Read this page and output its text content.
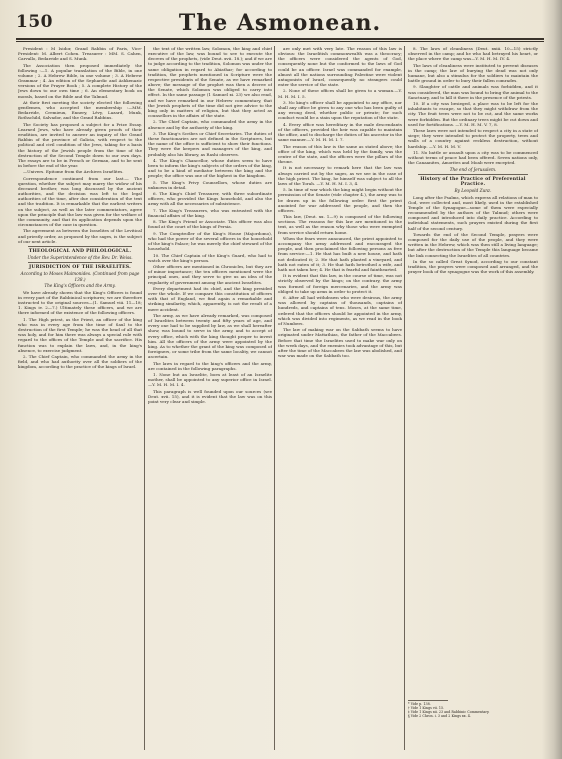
150	The Asmonean.

President : M Isidor, Grand Rabbin of Paris, Vice-President: M. Albert Cohen. Treasurer : MM. S. Cahen, Carvallo, Bedarride and S. Munk.

The Association then proposed immediately the following :—1. A popular translation of the Bible, in one volume ; 2. A Hebrew Bible, in one volume ; 3. A Hebrew Grammar ; 4. An edition of the Sephardic and Ashkenazic versions of the Prayer Book ; 5. A complete History of the Jews down to our own time ; 6. An elementary book on morals, based on the Bible and the Talmud.

At their first meeting the society elected the following gentlemen, who accepted the membership :—MM. Bedarride, Cremieux, Ennery, Lévy, Lazard, Munk, Rothschild, Salvador, and the Grand Rabbins.

The Society has proposed a subject for a Prize Essay. Learned Jews, who have already given proofs of their erudition, are invited to answer an inquiry of the Grand Rabbin of the province of Galicia, with respect to the political and civil condition of the Jews, taking for a basis the history of the Jewish people from the time of the destruction of the Second Temple down to our own days. The essays are to be in French or German, and to be sent in before the end of the year.

—Univers. Epitome from the Archives Israélites.

Correspondence continued from our last.— The question, whether the subject may marry the widow of his deceased brother, was long discussed by the ancient authorities, and the decision was left to the legal authorities of the time, after due consideration of the text and the tradition. It is remarkable that the earliest writers on the subject, as well as the later commentators, agree upon the principle that the law was given for the welfare of the community, and that its application depends upon the circumstances of the case in question.

The agreement as between the Israelites of the Levitical and priestly order, as proposed by the sages, is the subject of our next article.

THEOLOGICAL AND PHILOLOGICAL.
Under the Superintendence of the Rev. Dr. Weiss.
JURISDICTION OF THE ISRAELITES.
According to Moses Maimonides. (Continued from page 138.)
The King's Officers and the Army.

We have already shown that the King's Officers is found in every part of the Rabbinical scriptures; we are therefore instructed to the original sources—(1. Samuel viii. 11—18; 1. Kings iv. 2—7.) Ultimately these officers, and we are there informed of the existence of the following officers.

1. The High priest, as the Priest, an officer of the king who was in every age from the time of Saul to the destruction of the first Temple; he was the head of all that was holy, and for him there was always a special rule with regard to the offices of the Temple and the sacrifice. His function was to explain the laws, and, in the king's absence, to exercise judgment.

2. The Chief Captain, who commanded the army in the field, and who had authority over all the soldiers of the kingdom, according to the practice of the kings of Israel.

the text of the written law, Solomon, the king and chief executive of the law, was bound to see to execute the decrees of the prophets, (vide Deut. xvii. 18.); and if we are to judge according to the tradition, Solomon was under the same obligation in regard to Abiathar; for according to tradition, the prophets mentioned in Scripture were the respective presidents of the Senate, as we have remarked above; the message of the prophet was then a decree of the Senate, which Solomon was obliged to carry into effect. In the same passage (1 Samuel xi. 23) we also read, and we have remarked in our Hebrew commentary, that the Jewish prophets of the time did not give advice to the king only in matters of religion, but that they acted as counsellors in the affairs of the state.

2. The Chief Captain, who commanded the army in the absence and by the authority of the king.

3. The King's Scribes or Chief Secretaries. The duties of these functionaries are not defined in the Scriptures, but the name of the office is sufficient to show their functions. They were the keepers and managers of the king, and probably also his library, as Rashi observes.

4. The King's Chancellor, whose duties seem to have been to inform the king's subjects of the orders of the king, and to be a kind of mediator between the king and the people; the office was one of the highest in the kingdom.

5. The King's Privy Counsellors, whose duties are unknown in detail.

6. The King's Chief Treasurer, with three subordinate officers, who provided the Kings household, and also the army with all the necessaries of subsistence.

7. The King's Treasurers, who was entrusted with the financial affairs of the king.

8. The King's Friend or Associate. This officer was also found at the court of the kings of Persia.

9. The Comptroller of the King's House (Majordomo), who had the power of the several officers in the household of the king's Palace; he was merely the chief steward of the household.

10. The Chief Captain of the King's Guard, who had to watch over the king's person.

Other officers are mentioned in Chronicles, but they are of minor importance; the ten officers mentioned were the principal ones, and they serve to give us an idea of the regularity of government among the ancient Israelites.

Every department had its chief, and the king presided over the whole. If we compare this constitution of officers with that of England, we find again a remarkable and striking similarity, which, apparently, is not the result of a mere accident.

The army, as we have already remarked, was composed of Israelites between twenty and fifty years of age, and every one had to be supplied by law, as we shall hereafter show, was bound to serve in the army, and to accept of every office, which with the king thought proper to invest him. All the officers of the army were appointed by the king. As to whether the grant of the king was composed of foreigners, or some tribe from the same locality, we cannot ascertain.

The laws in regard to the king's officers and the army, are contained in the following paragraphs.

1. None but an Israelite, born at least of an Israelite mother, shall be appointed to any superior office in Israel.—Y. M. H. M. I. 4.

This paragraph is well founded upon our sources (see Deut. xvii. 15), and it is evident that the law was on this point very clear and simple.

are only met with very late. The reason of this law is obvious: the Israelitish commonwealth was a theocracy; the officers were considered the agents of God, consequently none but the conformed to the laws of God could be an officer. Israel was commanded for example, almost all the nations surrounding Palestine were violent antagonists of Israel, consequently no strangers could enter the service of the state.

2. None of these offices shall be given to a woman.—Y. M. H. M. I. 5.

3. No king's officer shall be appointed to any office, nor shall any office be given to any one who has been guilty of any wrong deed, whether public or private; for such conduct would be a stain upon the reputation of the state.

4. Every office was hereditary in the male descendants of the officers, provided the heir was capable to maintain the office, and to discharge the duties of his ancestor in the same manner.—Y. M. H. M. I. 7.

The reason of this law is the same as stated above; the office of the king, which was held by the family, was the centre of the state, and the officers were the pillars of the throne.

It is not necessary to remark here that the law was always carried out by the sages, as we see in the case of the high priest. The king, he himself was subject to all the laws of the Torah. —Y. M. H. M. I. 3, 4.

5. In time of war which the king might begin without the permission of the Senate (vide chapter 4.), the army was to be drawn up in the following order: first the priest anointed for war addressed the people, and then the officers.

This law, (Deut. xx. 1—9) is composed of the following sections. The reasons for this law are mentioned in the text, as well as the reason why those who were exempted from service should return home.

When the fears were announced, the priest appointed to accompany the army addressed and encouraged the people, and then proclaimed the following persons as free from service:—1. He that has built a new house, and hath not dedicated it; 2. He that hath planted a vineyard, and hath not eaten of it; 3. He that hath betrothed a wife, and hath not taken her; 4. He that is fearful and fainthearted.

It is evident that this law, in the course of time, was not strictly observed by the kings; on the contrary, the army was formed of foreign mercenaries, and the army was obliged to take up arms in order to protect it.

6. After all had withdrawn who were desirous, the army was allowed by captains of thousands, captains of hundreds, and captains of tens. Moses, at the same time, ordered that the officers should be appointed in the army, which was divided into regiments, as we read in the book of Numbers.

The law of making war on the Sabbath seems to have originated under Mattathias, the father of the Maccabees. Before that time the Israelites used to make war only on the week days, and the enemies took advantage of this, but after the time of the Maccabees the law was abolished, and war was made on the Sabbath too.

8. The laws of cleanliness (Deut. xxiii. 10—15) strictly observed in the camp; and he who had betrayed his heart, or the place where the camp was—Y. M. H. M. IV. 4.

The laws of cleanliness were instituted to prevent diseases in the camp; the law of burying the dead was not only humane, but also a stimulus for the soldiers to maintain the battle ground in order to bury their fallen comrades.

9. Slaughter of cattle and animals was forbidden, and it was considered, the man was bound to bring the animal to the Sanctuary, and to kill it there in the presence of the priests.

10. If a city was besieged, a place was to be left for the inhabitants to escape, so that they might withdraw from the city. The fruit trees were not to be cut, and the same works were forbidden. But the ordinary trees might be cut down and used for fortifications. —Y. M. H. M. V. 7, 8.

These laws were not intended to respect a city in a state of siege; they were intended to protect the property, trees and walls of a country against reckless destruction, without hardship. —Y. M. H. M. V.

11. No battle or assault upon a city was to be commenced without terms of peace had been offered. Seven nations only, the Canaanites, Amorites and Moab were excepted.

The end of Jerusalem.
History of the Practice of Preferential Practice.
By Leopold Zunz.

Long after the Psalms, which express all relations of man to God, were collected and, most likely, used in the established Temple of the Synagogue—some of them were especially recommended by the authors of the Talmud; others were composed and introduced into daily practice. According to individual statements, such prayers existed during the first half of the second century.

Towards the end of the Second Temple, prayers were composed for the daily use of the people, and they were written in the Hebrew, which was then still a living language; but after the destruction of the Temple this language became the link connecting the Israelites of all countries.

In the so called Great Synod, according to our constant tradition, the prayers were composed and arranged, and the prayer book of the synagogue was the work of this assembly.

* Vide p. 138.
† Vide 1 Kings vii. 15.
‡ Vide 1 Kings xii. 23 and Rabbinic Commentary.
§ Vide 2 Chron. i. 3 and 2 Kings xx. 4.
